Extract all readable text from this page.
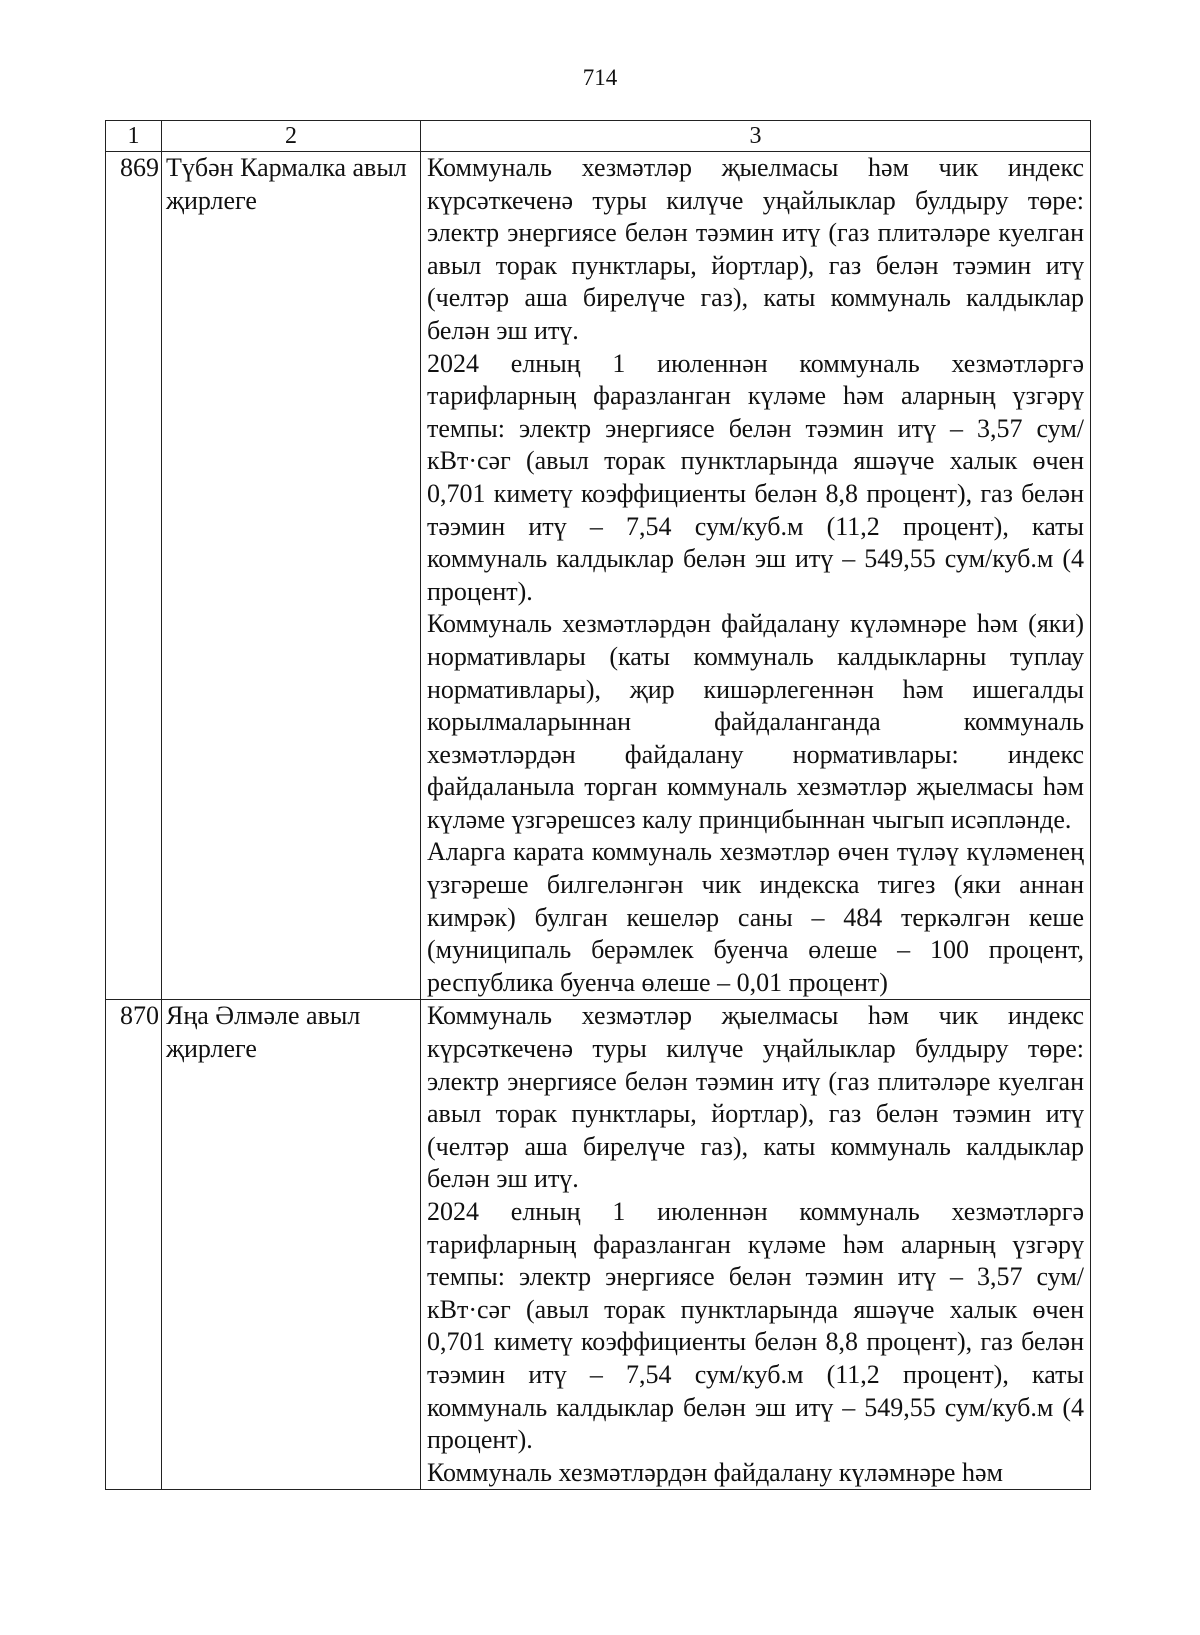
714
1	2	3
869	Түбән Кармалка авыл җирлеге	Коммуналь хезмәтләр җыелмасы һәм чик индекс күрсәткеченә туры килүче уңайлыклар булдыру төре: электр энергиясе белән тәэмин итү (газ плитәләре куелган авыл торак пунктлары, йортлар), газ белән тәэмин итү (челтәр аша бирелүче газ), каты коммуналь калдыклар белән эш итү.

2024 елның 1 июленнән коммуналь хезмәтләргә тарифларның фаразланган күләме һәм аларның үзгәрү темпы: электр энергиясе белән тәэмин итү – 3,57 сум/кВт·сәг (авыл торак пунктларында яшәүче халык өчен 0,701 киметү коэффициенты белән 8,8 процент), газ белән тәэмин итү – 7,54 сум/куб.м (11,2 процент), каты коммуналь калдыклар белән эш итү – 549,55 сум/куб.м (4 процент).

Коммуналь хезмәтләрдән файдалану күләмнәре һәм (яки) нормативлары (каты коммуналь калдыкларны туплау нормативлары), җир кишәрлегеннән һәм ишегалды корылмаларыннан файдаланганда коммуналь хезмәтләрдән файдалану нормативлары: индекс файдаланыла торган коммуналь хезмәтләр җыелмасы һәм күләме үзгәрешсез калу принцибыннан чыгып исәпләнде.

Аларга карата коммуналь хезмәтләр өчен түләү күләменең үзгәреше билгеләнгән чик индекска тигез (яки аннан кимрәк) булган кешеләр саны – 484 теркәлгән кеше (муниципаль берәмлек буенча өлеше – 100 процент, республика буенча өлеше – 0,01 процент)

870	Яңа Әлмәле авыл җирлеге	Коммуналь хезмәтләр җыелмасы һәм чик индекс күрсәткеченә туры килүче уңайлыклар булдыру төре: электр энергиясе белән тәэмин итү (газ плитәләре куелган авыл торак пунктлары, йортлар), газ белән тәэмин итү (челтәр аша бирелүче газ), каты коммуналь калдыклар белән эш итү.

2024 елның 1 июленнән коммуналь хезмәтләргә тарифларның фаразланган күләме һәм аларның үзгәрү темпы: электр энергиясе белән тәэмин итү – 3,57 сум/кВт·сәг (авыл торак пунктларында яшәүче халык өчен 0,701 киметү коэффициенты белән 8,8 процент), газ белән тәэмин итү – 7,54 сум/куб.м (11,2 процент), каты коммуналь калдыклар белән эш итү – 549,55 сум/куб.м (4 процент).

Коммуналь хезмәтләрдән файдалану күләмнәре һәм
